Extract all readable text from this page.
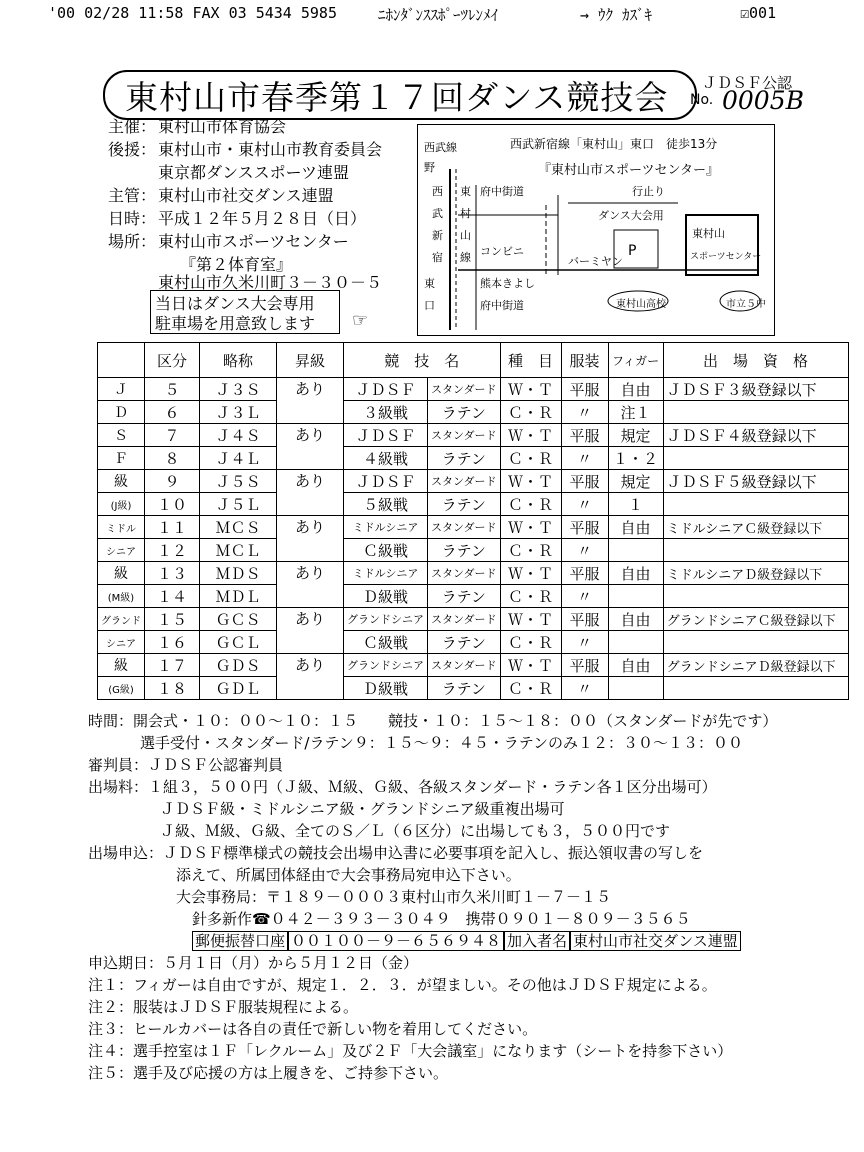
'00 02/28 11:58 FAX 03 5434 5985	ﾆﾎﾝﾀﾞﾝｽｽﾎﾟｰﾂﾚﾝﾒｲ	→ ｳｸ ｶｽﾞｷ	☑001
東村山市春季第１７回ダンス競技会 ＪＤＳＦ公認
No. 0005B
主催： 東村山市体育協会
後援： 東村山市・東村山市教育委員会
東京都ダンススポーツ連盟
主管： 東村山市社交ダンス連盟
日時： 平成１２年５月２８日（日）
場所： 東村山市スポーツセンター
『第２体育室』
東村山市久米川町３－３０－５
当日はダンス大会専用
駐車場を用意致します ☞
西武新宿線「東村山」東口　徒歩13分
『東村山市スポーツセンター』
西武線
西 東
武 村
新 山
宿 線
府中街道
コンビニ
熊本きよし
府中街道
バーミヤン
P
ダンス大会用
行止り
東村山
スポーツセンター
東村山高校	市立５中
野
東
口
	区分	略称	昇級	競　技　名		種　目	服装	フィガー	出　場　資　格
Ｊ	５	Ｊ３Ｓ	あり	ＪＤＳＦ	スタンダード	Ｗ・Ｔ	平服	自由	ＪＤＳＦ３級登録以下
Ｄ	６	Ｊ３Ｌ		３級戦	ラテン	Ｃ・Ｒ	〃	注１	
Ｓ	７	Ｊ４Ｓ	あり	ＪＤＳＦ	スタンダード	Ｗ・Ｔ	平服	規定	ＪＤＳＦ４級登録以下
Ｆ	８	Ｊ４Ｌ		４級戦	ラテン	Ｃ・Ｒ	〃	１・２	
級	９	Ｊ５Ｓ	あり	ＪＤＳＦ	スタンダード	Ｗ・Ｔ	平服	規定	ＪＤＳＦ５級登録以下
(J級)	１０	Ｊ５Ｌ		５級戦	ラテン	Ｃ・Ｒ	〃	１	
ミドル	１１	ＭＣＳ	あり	ミドルシニア	スタンダード	Ｗ・Ｔ	平服	自由	ミドルシニアＣ級登録以下
シニア	１２	ＭＣＬ		Ｃ級戦	ラテン	Ｃ・Ｒ	〃		
級	１３	ＭＤＳ	あり	ミドルシニア	スタンダード	Ｗ・Ｔ	平服	自由	ミドルシニアＤ級登録以下
(M級)	１４	ＭＤＬ		Ｄ級戦	ラテン	Ｃ・Ｒ	〃		
グランド	１５	ＧＣＳ	あり	グランドシニア	スタンダード	Ｗ・Ｔ	平服	自由	グランドシニアＣ級登録以下
シニア	１６	ＧＣＬ		Ｃ級戦	ラテン	Ｃ・Ｒ	〃		
級	１７	ＧＤＳ	あり	グランドシニア	スタンダード	Ｗ・Ｔ	平服	自由	グランドシニアＤ級登録以下
(G級)	１８	ＧＤＬ		Ｄ級戦	ラテン	Ｃ・Ｒ	〃		
時間：開会式・１０：００～１０：１５　　競技・１０：１５～１８：００（スタンダードが先です）
選手受付・スタンダード/ラテン９：１５～９：４５・ラテンのみ１２：３０～１３：００
審判員：ＪＤＳＦ公認審判員
出場料：１組３，５００円（Ｊ級、Ｍ級、Ｇ級、各級スタンダード・ラテン各１区分出場可）
ＪＤＳＦ級・ミドルシニア級・グランドシニア級重複出場可
Ｊ級、Ｍ級、Ｇ級、全てのＳ／Ｌ（６区分）に出場しても３，５００円です
出場申込：ＪＤＳＦ標準様式の競技会出場申込書に必要事項を記入し、振込領収書の写しを
添えて、所属団体経由で大会事務局宛申込下さい。
大会事務局：〒１８９－０００３東村山市久米川町１－７－１５
針多新作☎０４２－３９３－３０４９　携帯０９０１－８０９－３５６５
郵便振替口座 ００１００－９－６５６９４８ 加入者名 東村山市社交ダンス連盟
申込期日：５月１日（月）から５月１２日（金）
注１：フィガーは自由ですが、規定１．２．３．が望ましい。その他はＪＤＳＦ規定による。
注２：服装はＪＤＳＦ服装規程による。
注３：ヒールカバーは各自の責任で新しい物を着用してください。
注４：選手控室は１Ｆ「レクルーム」及び２Ｆ「大会議室」になります（シートを持参下さい）
注５：選手及び応援の方は上履きを、ご持参下さい。
